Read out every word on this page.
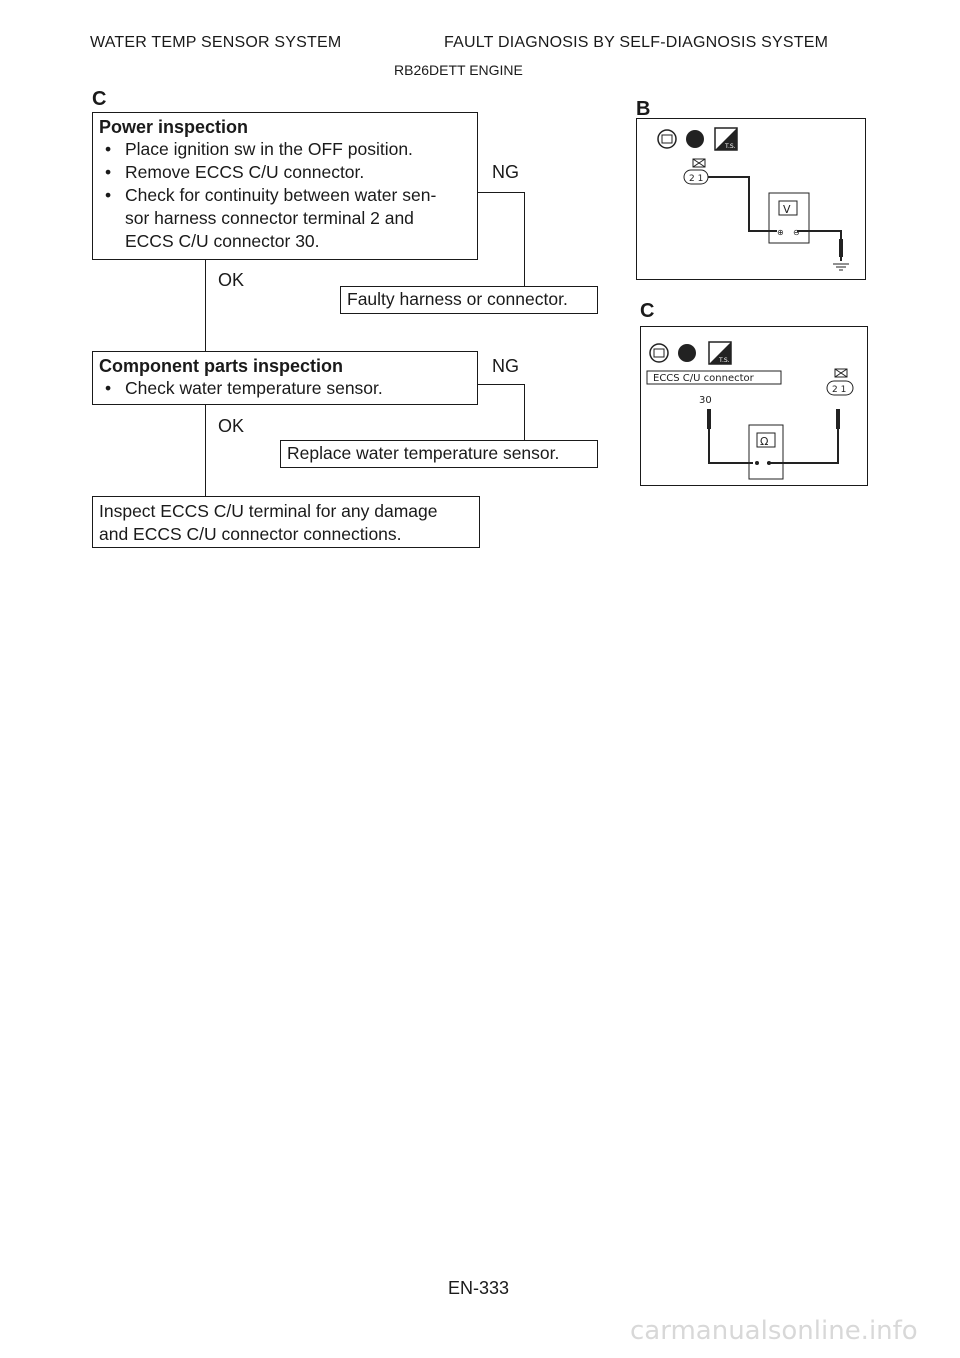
WATER TEMP SENSOR SYSTEM	FAULT DIAGNOSIS BY SELF-DIAGNOSIS SYSTEM
RB26DETT ENGINE
C
Power inspection
• Place ignition sw in the OFF position.
• Remove ECCS C/U connector.
• Check for continuity between water sen-
sor harness connector terminal 2 and
ECCS C/U connector 30.
NG
Faulty harness or connector.
OK
Component parts inspection
• Check water temperature sensor.
NG
Replace water temperature sensor.
OK
Inspect ECCS C/U terminal for any damage
and ECCS C/U connector connections.
B
T.S.
2 1
V
⊕ ⊖
C
T.S.
ECCS C/U connector
30
2 1
Ω
EN-333
carmanualsonline.info
